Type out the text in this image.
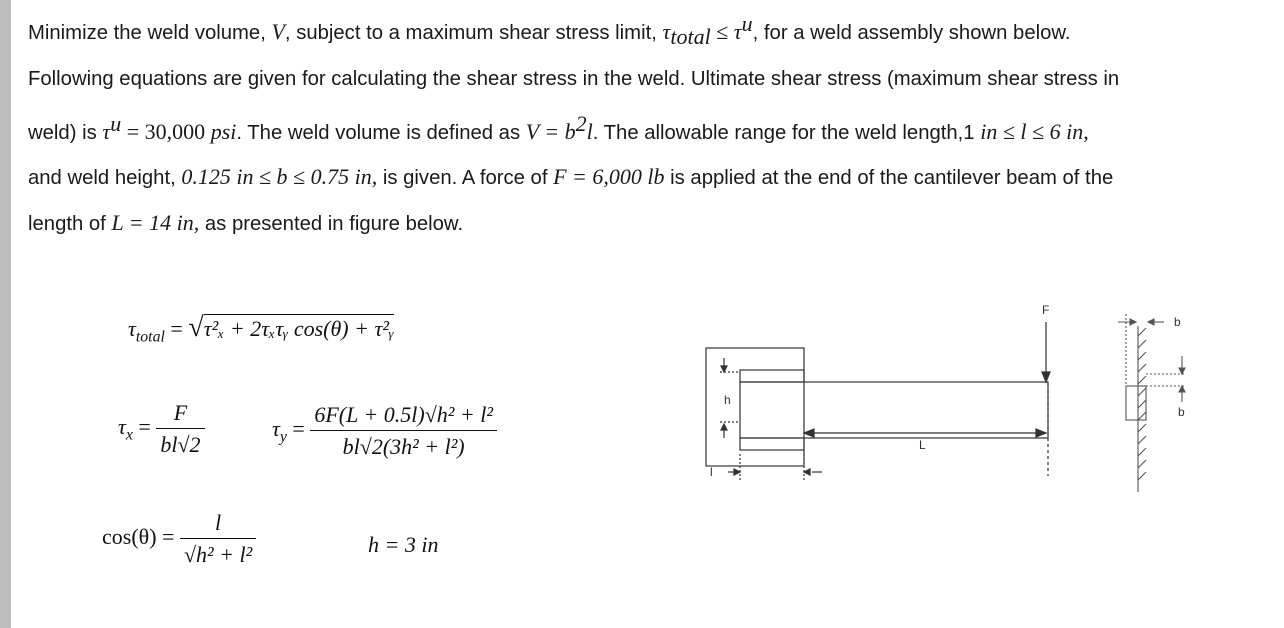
Minimize the weld volume, V, subject to a maximum shear stress limit, $\tau_{total} \le \tau^u$, for a weld assembly shown below.
Following equations are given for calculating the shear stress in the weld. Ultimate shear stress (maximum shear stress in
weld) is $\tau^u = 30,000$ psi. The weld volume is defined as $V = b^2l$. The allowable range for the weld length,1 in ≤ l ≤ 6 in,
and weld height, 0.125 in ≤ b ≤ 0.75 in, is given. A force of F = 6,000 lb is applied at the end of the cantilever beam of the
length of L = 14 in, as presented in figure below.
$\tau_{total} = √\tau^2_x$ + 2τₓτᵧ cos(θ) + τ²ᵧ
$\tau_x = \frac{F}{bl√2}$	$\tau_y = \frac{\text{6F(L + 0.5l)√h² + l²}}{\text{bl√2(3h² + l²)}}$
$\cos(\theta) = \frac{l}{\text{√h² + l²}}$	h = 3 in
F
h
L
l
b
b
